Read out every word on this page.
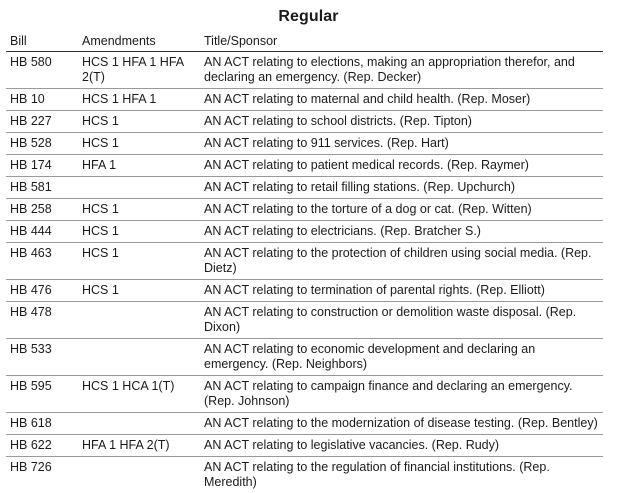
Regular
Bill	Amendments	Title/Sponsor
HB 580	HCS 1 HFA 1 HFA 2(T)	AN ACT relating to elections, making an appropriation therefor, and declaring an emergency. (Rep. Decker)
HB 10	HCS 1 HFA 1	AN ACT relating to maternal and child health. (Rep. Moser)
HB 227	HCS 1	AN ACT relating to school districts. (Rep. Tipton)
HB 528	HCS 1	AN ACT relating to 911 services. (Rep. Hart)
HB 174	HFA 1	AN ACT relating to patient medical records. (Rep. Raymer)
HB 581		AN ACT relating to retail filling stations. (Rep. Upchurch)
HB 258	HCS 1	AN ACT relating to the torture of a dog or cat. (Rep. Witten)
HB 444	HCS 1	AN ACT relating to electricians. (Rep. Bratcher S.)
HB 463	HCS 1	AN ACT relating to the protection of children using social media. (Rep. Dietz)
HB 476	HCS 1	AN ACT relating to termination of parental rights. (Rep. Elliott)
HB 478		AN ACT relating to construction or demolition waste disposal. (Rep. Dixon)
HB 533		AN ACT relating to economic development and declaring an emergency. (Rep. Neighbors)
HB 595	HCS 1 HCA 1(T)	AN ACT relating to campaign finance and declaring an emergency. (Rep. Johnson)
HB 618		AN ACT relating to the modernization of disease testing. (Rep. Bentley)
HB 622	HFA 1 HFA 2(T)	AN ACT relating to legislative vacancies. (Rep. Rudy)
HB 726		AN ACT relating to the regulation of financial institutions. (Rep. Meredith)
